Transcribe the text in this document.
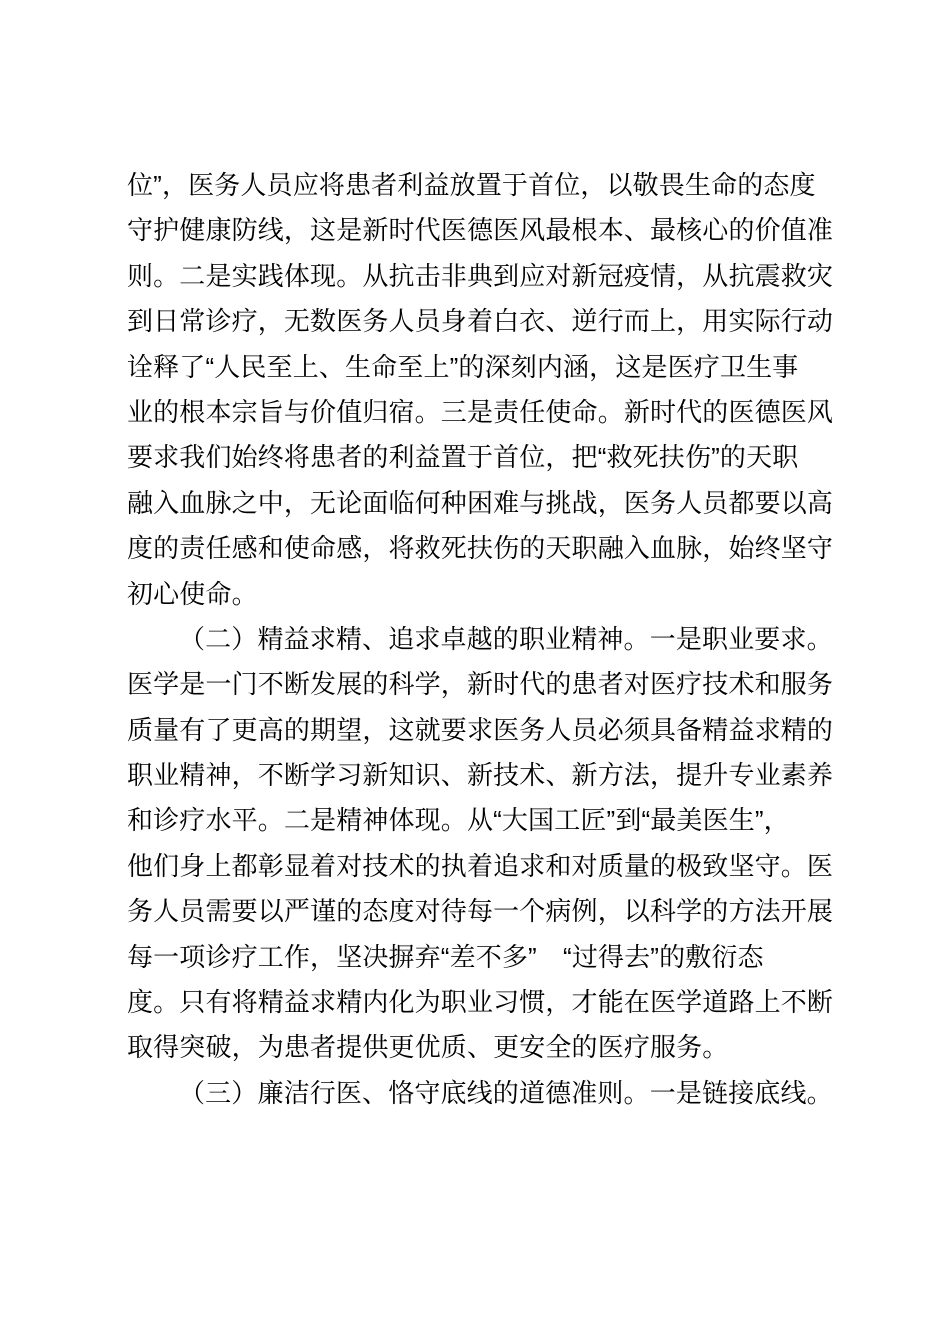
位”，医务人员应将患者利益放置于首位，以敬畏生命的态度
守护健康防线，这是新时代医德医风最根本、最核心的价值准
则。二是实践体现。从抗击非典到应对新冠疫情，从抗震救灾
到日常诊疗，无数医务人员身着白衣、逆行而上，用实际行动
诠释了“人民至上、生命至上”的深刻内涵，这是医疗卫生事
业的根本宗旨与价值归宿。三是责任使命。新时代的医德医风
要求我们始终将患者的利益置于首位，把“救死扶伤”的天职
融入血脉之中，无论面临何种困难与挑战，医务人员都要以高
度的责任感和使命感，将救死扶伤的天职融入血脉，始终坚守
初心使命。
（二）精益求精、追求卓越的职业精神。一是职业要求。
医学是一门不断发展的科学，新时代的患者对医疗技术和服务
质量有了更高的期望，这就要求医务人员必须具备精益求精的
职业精神，不断学习新知识、新技术、新方法，提升专业素养
和诊疗水平。二是精神体现。从“大国工匠”到“最美医生”，
他们身上都彰显着对技术的执着追求和对质量的极致坚守。医
务人员需要以严谨的态度对待每一个病例，以科学的方法开展
每一项诊疗工作，坚决摒弃“差不多”　“过得去”的敷衍态
度。只有将精益求精内化为职业习惯，才能在医学道路上不断
取得突破，为患者提供更优质、更安全的医疗服务。
（三）廉洁行医、恪守底线的道德准则。一是链接底线。
